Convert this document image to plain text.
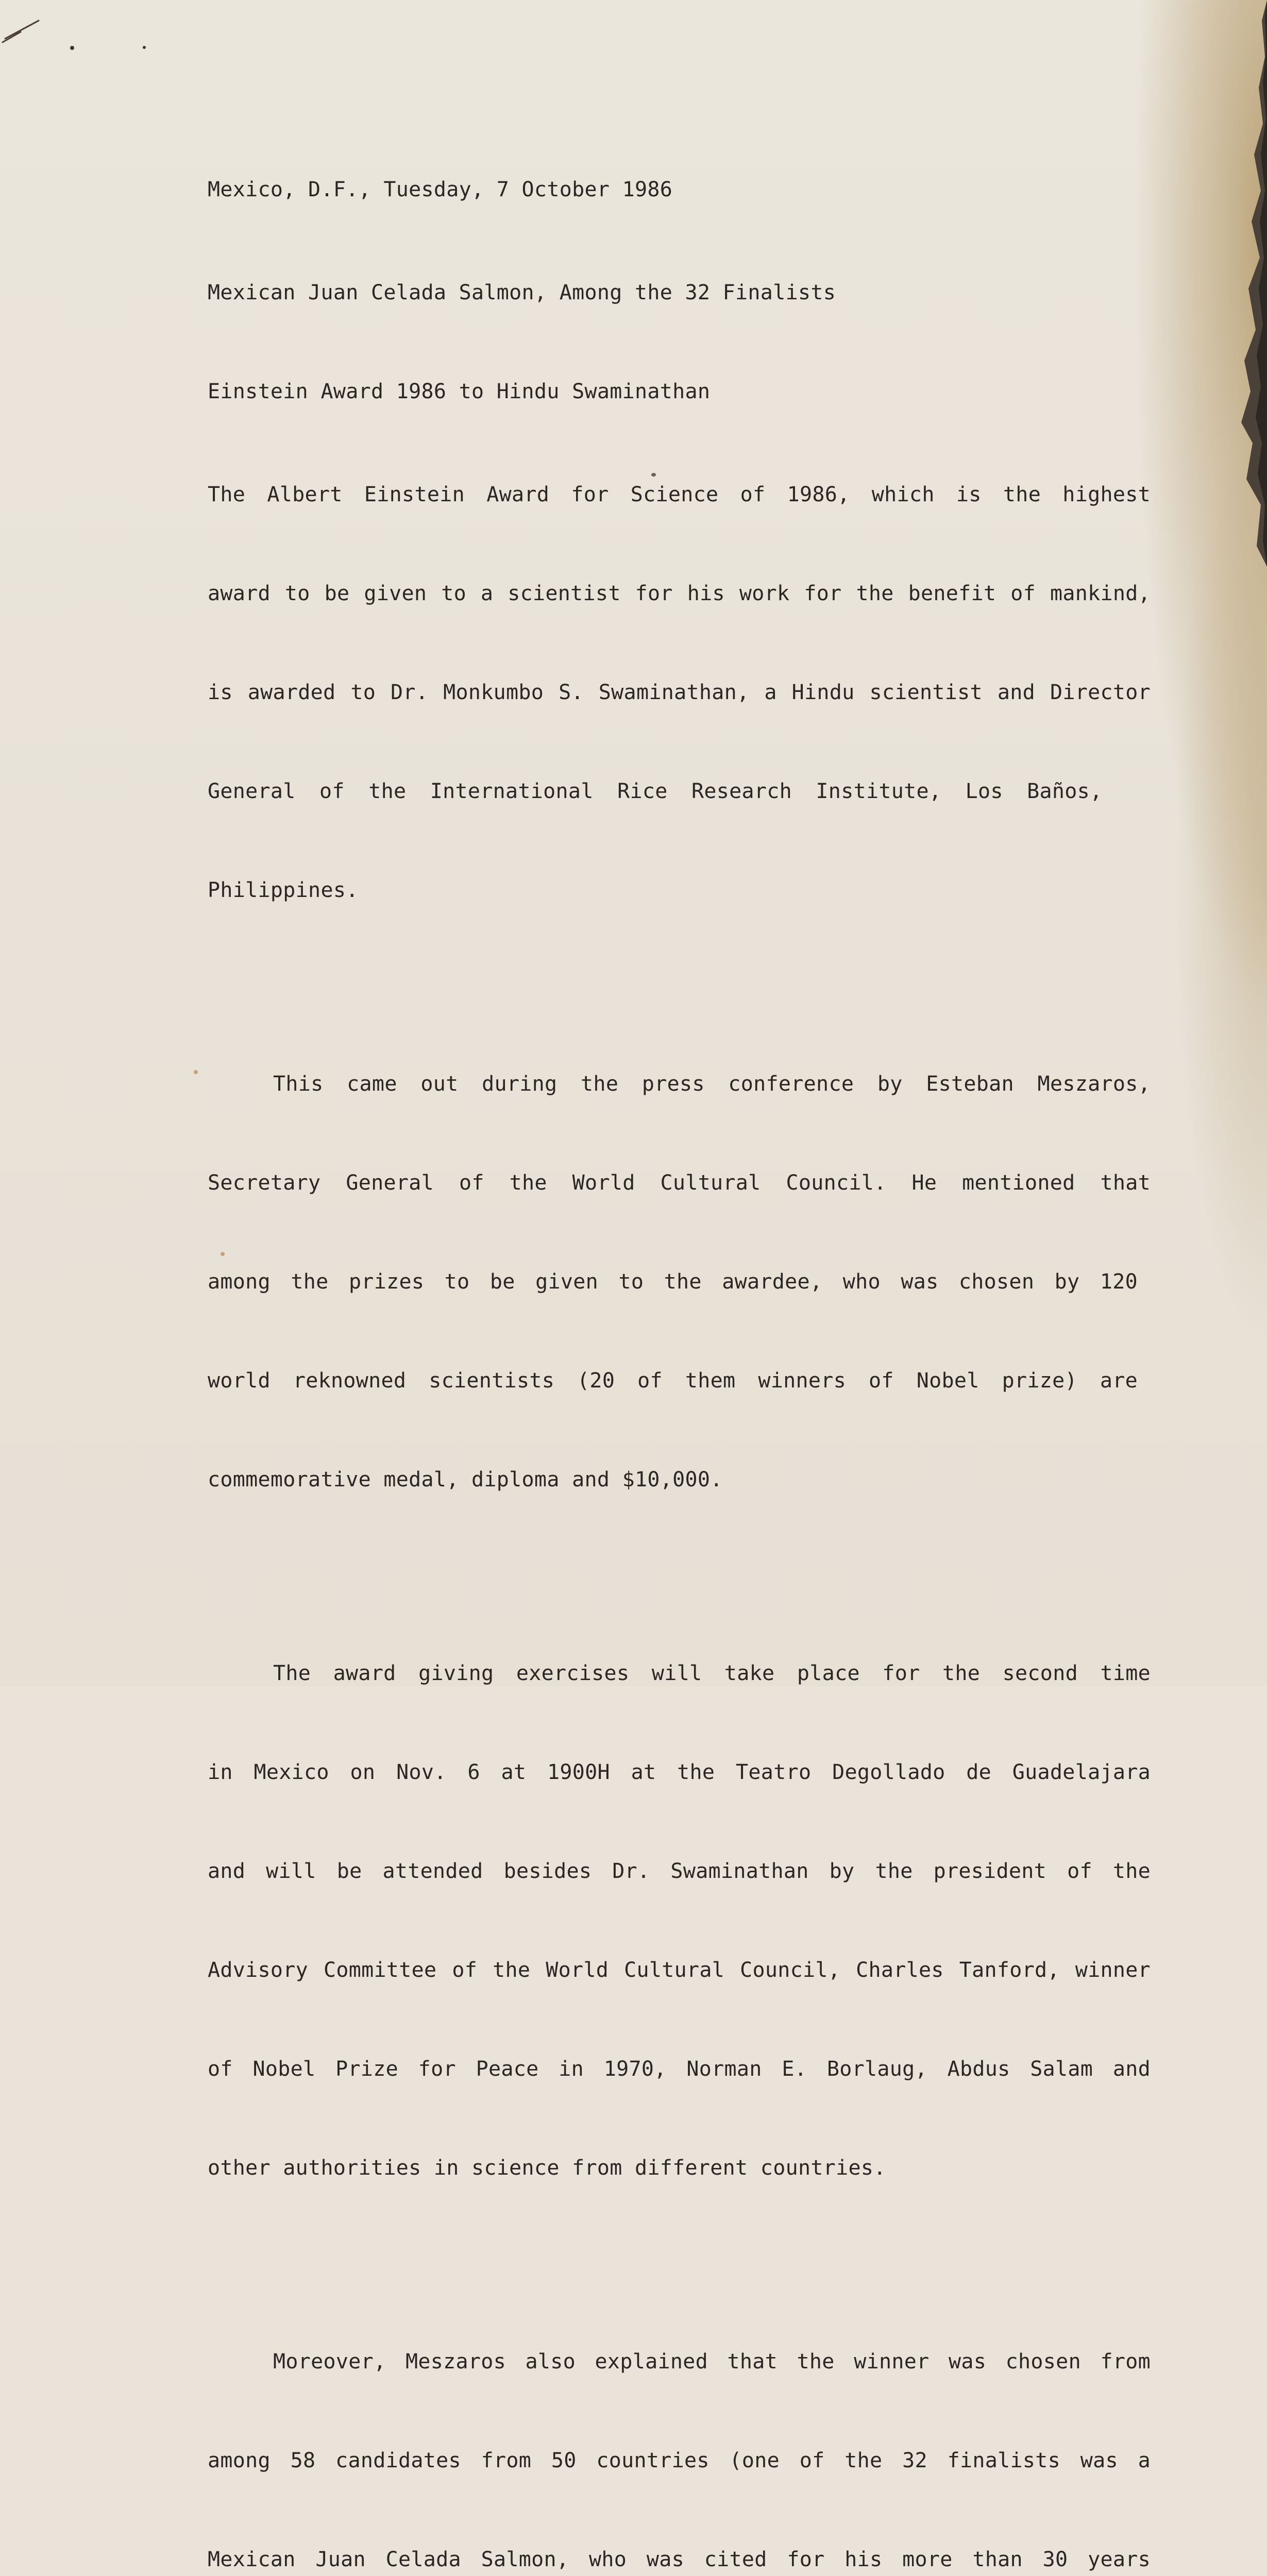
Mexico, D.F., Tuesday, 7 October 1986

Mexican Juan Celada Salmon, Among the 32 Finalists

Einstein Award 1986 to Hindu Swaminathan

The Albert Einstein Award for Science of 1986, which is the highest

award to be given to a scientist for his work for the benefit of mankind,

is awarded to Dr. Monkumbo S. Swaminathan, a Hindu scientist and Director

General of the International Rice Research Institute, Los Baños,

Philippines.

This came out during the press conference by Esteban Meszaros,

Secretary General of the World Cultural Council. He mentioned that

among the prizes to be given to the awardee, who was chosen by 120

world reknowned scientists (20 of them winners of Nobel prize) are

commemorative medal, diploma and $10,000.

The award giving exercises will take place for the second time

in Mexico on Nov. 6 at 1900H at the Teatro Degollado de Guadelajara

and will be attended besides Dr. Swaminathan by the president of the

Advisory Committee of the World Cultural Council, Charles Tanford, winner

of Nobel Prize for Peace in 1970, Norman E. Borlaug, Abdus Salam and

other authorities in science from different countries.

Moreover, Meszaros also explained that the winner was chosen from

among 58 candidates from 50 countries (one of the 32 finalists was a

Mexican Juan Celada Salmon, who was cited for his more than 30 years
